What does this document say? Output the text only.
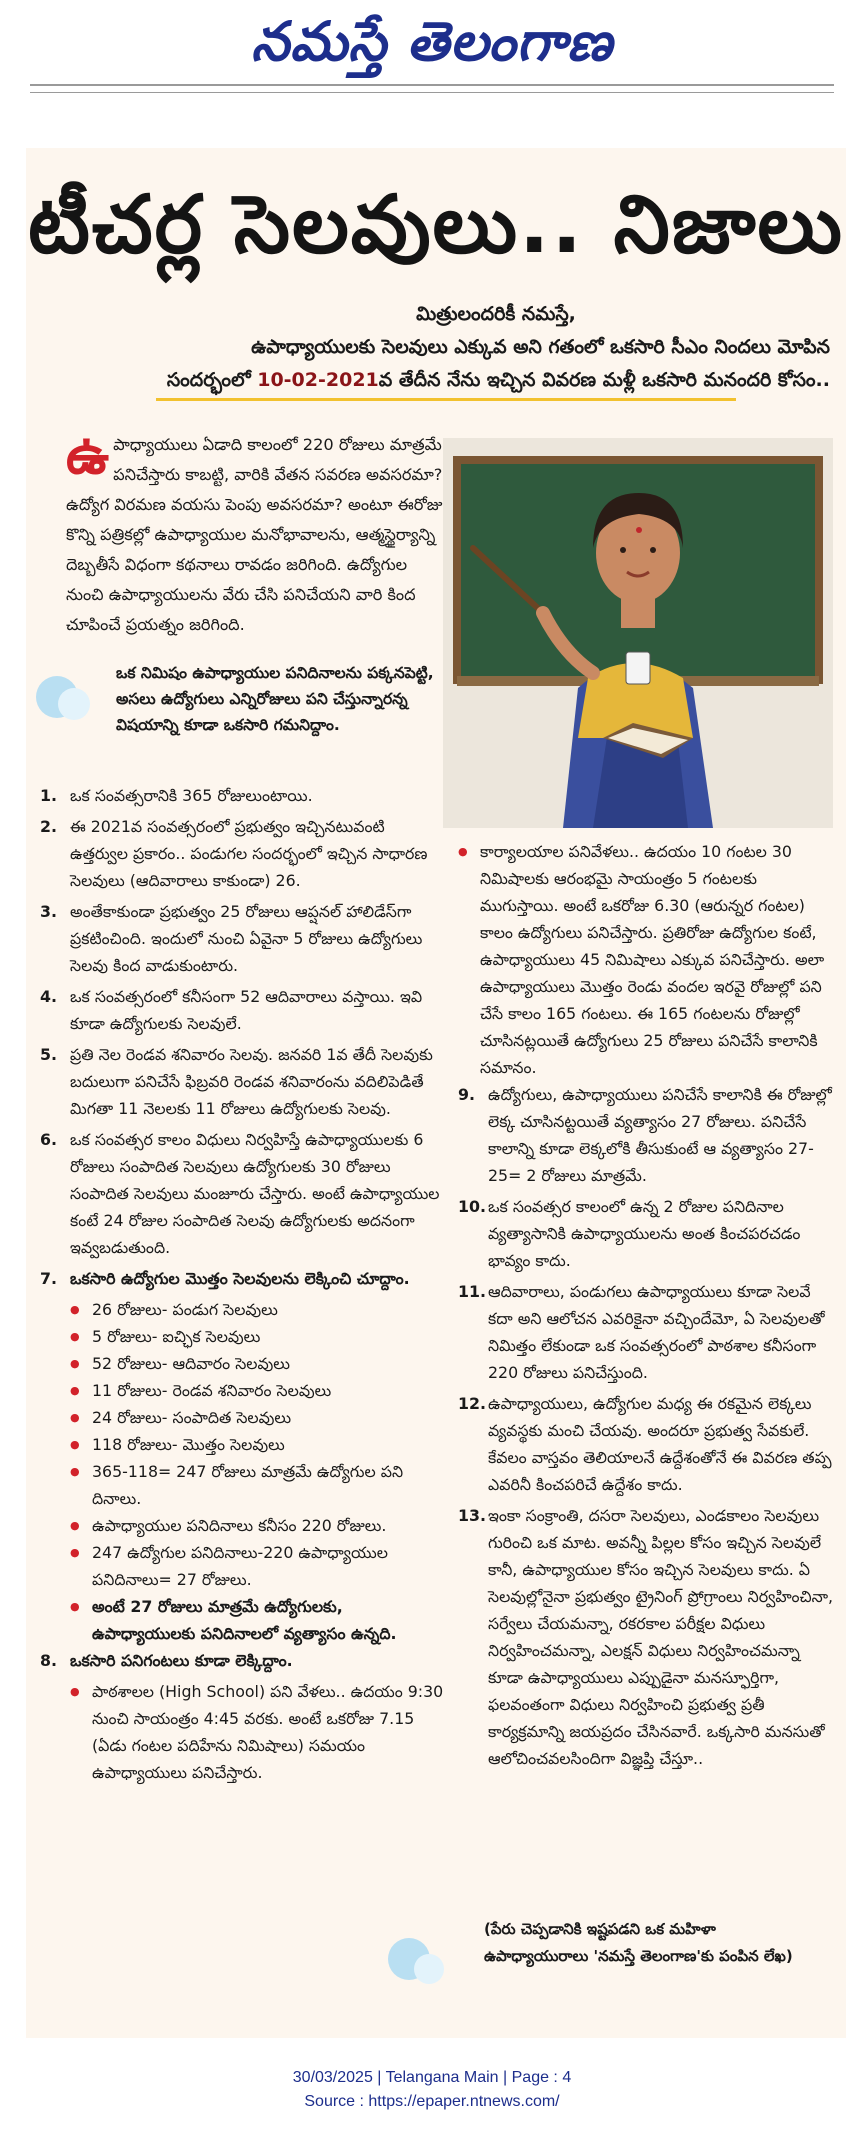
నమస్తే తెలంగాణ
టీచర్ల సెలవులు.. నిజాలు
మిత్రులందరికీ నమస్తే,
ఉపాధ్యాయులకు సెలవులు ఎక్కువ అని గతంలో ఒకసారి సీఎం నిందలు మోపిన
సందర్భంలో 10-02-2021వ తేదీన నేను ఇచ్చిన వివరణ మళ్లీ ఒకసారి మనందరి కోసం..
ఉపాధ్యాయులు ఏడాది కాలంలో 220 రోజులు మాత్రమే పనిచేస్తారు కాబట్టి, వారికి వేతన సవరణ అవసరమా? ఉద్యోగ విరమణ వయసు పెంపు అవసరమా? అంటూ ఈరోజు కొన్ని పత్రికల్లో ఉపాధ్యాయుల మనోభావాలను, ఆత్మస్థైర్యాన్ని దెబ్బతీసే విధంగా కథనాలు రావడం జరిగింది. ఉద్యోగుల నుంచి ఉపాధ్యాయులను వేరు చేసి పనిచేయని వారి కింద చూపించే ప్రయత్నం జరిగింది.
ఒక నిమిషం ఉపాధ్యాయుల పనిదినాలను పక్కనపెట్టి, అసలు ఉద్యోగులు ఎన్నిరోజులు పని చేస్తున్నారన్న విషయాన్ని కూడా ఒకసారి గమనిద్దాం.
1. ఒక సంవత్సరానికి 365 రోజులుంటాయి.
2. ఈ 2021వ సంవత్సరంలో ప్రభుత్వం ఇచ్చినటువంటి ఉత్తర్వుల ప్రకారం.. పండుగల సందర్భంలో ఇచ్చిన సాధారణ సెలవులు (ఆదివారాలు కాకుండా) 26.
3. అంతేకాకుండా ప్రభుత్వం 25 రోజులు ఆప్షనల్ హాలిడేస్‌గా ప్రకటించింది. ఇందులో నుంచి ఏవైనా 5 రోజులు ఉద్యోగులు సెలవు కింద వాడుకుంటారు.
4. ఒక సంవత్సరంలో కనీసంగా 52 ఆదివారాలు వస్తాయి. ఇవి కూడా ఉద్యోగులకు సెలవులే.
5. ప్రతి నెల రెండవ శనివారం సెలవు. జనవరి 1వ తేదీ సెలవుకు బదులుగా పనిచేసే ఫిబ్రవరి రెండవ శనివారంను వదిలిపెడితే మిగతా 11 నెలలకు 11 రోజులు ఉద్యోగులకు సెలవు.
6. ఒక సంవత్సర కాలం విధులు నిర్వహిస్తే ఉపాధ్యాయులకు 6 రోజులు సంపాదిత సెలవులు ఉద్యోగులకు 30 రోజులు సంపాదిత సెలవులు మంజూరు చేస్తారు. అంటే ఉపాధ్యాయుల కంటే 24 రోజుల సంపాదిత సెలవు ఉద్యోగులకు అదనంగా ఇవ్వబడుతుంది.
7. ఒకసారి ఉద్యోగుల మొత్తం సెలవులను లెక్కించి చూద్దాం.
● 26 రోజులు- పండుగ సెలవులు
● 5 రోజులు- ఐచ్ఛిక సెలవులు
● 52 రోజులు- ఆదివారం సెలవులు
● 11 రోజులు- రెండవ శనివారం సెలవులు
● 24 రోజులు- సంపాదిత సెలవులు
● 118 రోజులు- మొత్తం సెలవులు
● 365-118= 247 రోజులు మాత్రమే ఉద్యోగుల పని దినాలు.
● ఉపాధ్యాయుల పనిదినాలు కనీసం 220 రోజులు.
● 247 ఉద్యోగుల పనిదినాలు-220 ఉపాధ్యాయుల పనిదినాలు= 27 రోజులు.
● అంటే 27 రోజులు మాత్రమే ఉద్యోగులకు, ఉపాధ్యాయులకు పనిదినాలలో వ్యత్యాసం ఉన్నది.
8. ఒకసారి పనిగంటలు కూడా లెక్కిద్దాం.
● పాఠశాలల (High School) పని వేళలు.. ఉదయం 9:30 నుంచి సాయంత్రం 4:45 వరకు. అంటే ఒకరోజు 7.15 (ఏడు గంటల పదిహేను నిమిషాలు) సమయం ఉపాధ్యాయులు పనిచేస్తారు.
● కార్యాలయాల పనివేళలు.. ఉదయం 10 గంటల 30 నిమిషాలకు ఆరంభమై సాయంత్రం 5 గంటలకు ముగుస్తాయి. అంటే ఒకరోజు 6.30 (ఆరున్నర గంటల) కాలం ఉద్యోగులు పనిచేస్తారు. ప్రతిరోజు ఉద్యోగుల కంటే, ఉపాధ్యాయులు 45 నిమిషాలు ఎక్కువ పనిచేస్తారు. అలా ఉపాధ్యాయులు మొత్తం రెండు వందల ఇరవై రోజుల్లో పని చేసే కాలం 165 గంటలు. ఈ 165 గంటలను రోజుల్లో చూసినట్లయితే ఉద్యోగులు 25 రోజులు పనిచేసే కాలానికి సమానం.
9. ఉద్యోగులు, ఉపాధ్యాయులు పనిచేసే కాలానికి ఈ రోజుల్లో లెక్క చూసినట్టయితే వ్యత్యాసం 27 రోజులు. పనిచేసే కాలాన్ని కూడా లెక్కలోకి తీసుకుంటే ఆ వ్యత్యాసం 27-25= 2 రోజులు మాత్రమే.
10. ఒక సంవత్సర కాలంలో ఉన్న 2 రోజుల పనిదినాల వ్యత్యాసానికి ఉపాధ్యాయులను అంత కించపరచడం భావ్యం కాదు.
11. ఆదివారాలు, పండుగలు ఉపాధ్యాయులు కూడా సెలవే కదా అని ఆలోచన ఎవరికైనా వచ్చిందేమో, ఏ సెలవులతో నిమిత్తం లేకుండా ఒక సంవత్సరంలో పాఠశాల కనీసంగా 220 రోజులు పనిచేస్తుంది.
12. ఉపాధ్యాయులు, ఉద్యోగుల మధ్య ఈ రకమైన లెక్కలు వ్యవస్థకు మంచి చేయవు. అందరూ ప్రభుత్వ సేవకులే. కేవలం వాస్తవం తెలియాలనే ఉద్దేశంతోనే ఈ వివరణ తప్ప ఎవరినీ కించపరిచే ఉద్దేశం కాదు.
13. ఇంకా సంక్రాంతి, దసరా సెలవులు, ఎండకాలం సెలవులు గురించి ఒక మాట. అవన్నీ పిల్లల కోసం ఇచ్చిన సెలవులే కానీ, ఉపాధ్యాయుల కోసం ఇచ్చిన సెలవులు కాదు. ఏ సెలవుల్లోనైనా ప్రభుత్వం ట్రైనింగ్ ప్రోగ్రాంలు నిర్వహించినా, సర్వేలు చేయమన్నా, రకరకాల పరీక్షల విధులు నిర్వహించమన్నా, ఎలక్షన్ విధులు నిర్వహించమన్నా కూడా ఉపాధ్యాయులు ఎప్పుడైనా మనస్ఫూర్తిగా, ఫలవంతంగా విధులు నిర్వహించి ప్రభుత్వ ప్రతీ కార్యక్రమాన్ని జయప్రదం చేసినవారే. ఒక్కసారి మనసుతో ఆలోచించవలసిందిగా విజ్ఞప్తి చేస్తూ..
(పేరు చెప్పడానికి ఇష్టపడని ఒక మహిళా ఉపాధ్యాయురాలు 'నమస్తే తెలంగాణ'కు పంపిన లేఖ)
30/03/2025 | Telangana Main | Page : 4
Source : https://epaper.ntnews.com/
